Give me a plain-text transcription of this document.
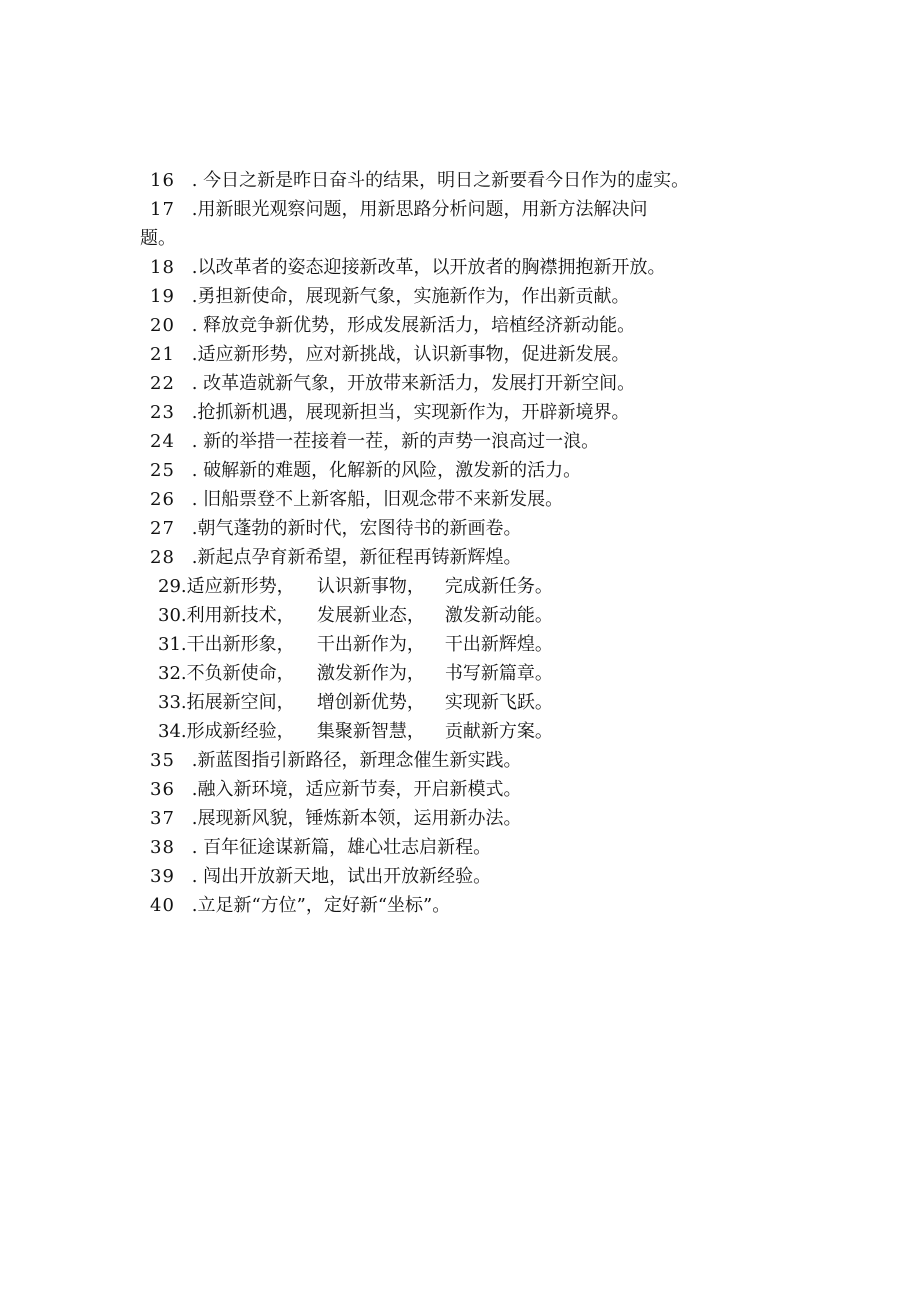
16 . 今日之新是昨日奋斗的结果，明日之新要看今日作为的虚实。
17 .用新眼光观察问题，用新思路分析问题，用新方法解决问
题。
18 .以改革者的姿态迎接新改革，以开放者的胸襟拥抱新开放。
19 .勇担新使命，展现新气象，实施新作为，作出新贡献。
20 . 释放竞争新优势，形成发展新活力，培植经济新动能。
21 .适应新形势，应对新挑战，认识新事物，促进新发展。
22 . 改革造就新气象，开放带来新活力，发展打开新空间。
23 .抢抓新机遇，展现新担当，实现新作为，开辟新境界。
24 . 新的举措一茬接着一茬，新的声势一浪高过一浪。
25 . 破解新的难题，化解新的风险，激发新的活力。
26 . 旧船票登不上新客船，旧观念带不来新发展。
27 .朝气蓬勃的新时代，宏图待书的新画卷。
28 .新起点孕育新希望，新征程再铸新辉煌。
29.适应新形势， 认识新事物， 完成新任务。
30.利用新技术， 发展新业态， 激发新动能。
31.干出新形象， 干出新作为， 干出新辉煌。
32.不负新使命， 激发新作为， 书写新篇章。
33.拓展新空间， 增创新优势， 实现新飞跃。
34.形成新经验， 集聚新智慧， 贡献新方案。
35 .新蓝图指引新路径，新理念催生新实践。
36 .融入新环境，适应新节奏，开启新模式。
37 .展现新风貌，锤炼新本领，运用新办法。
38 . 百年征途谋新篇，雄心壮志启新程。
39 . 闯出开放新天地，试出开放新经验。
40 .立足新“方位”，定好新“坐标”。
